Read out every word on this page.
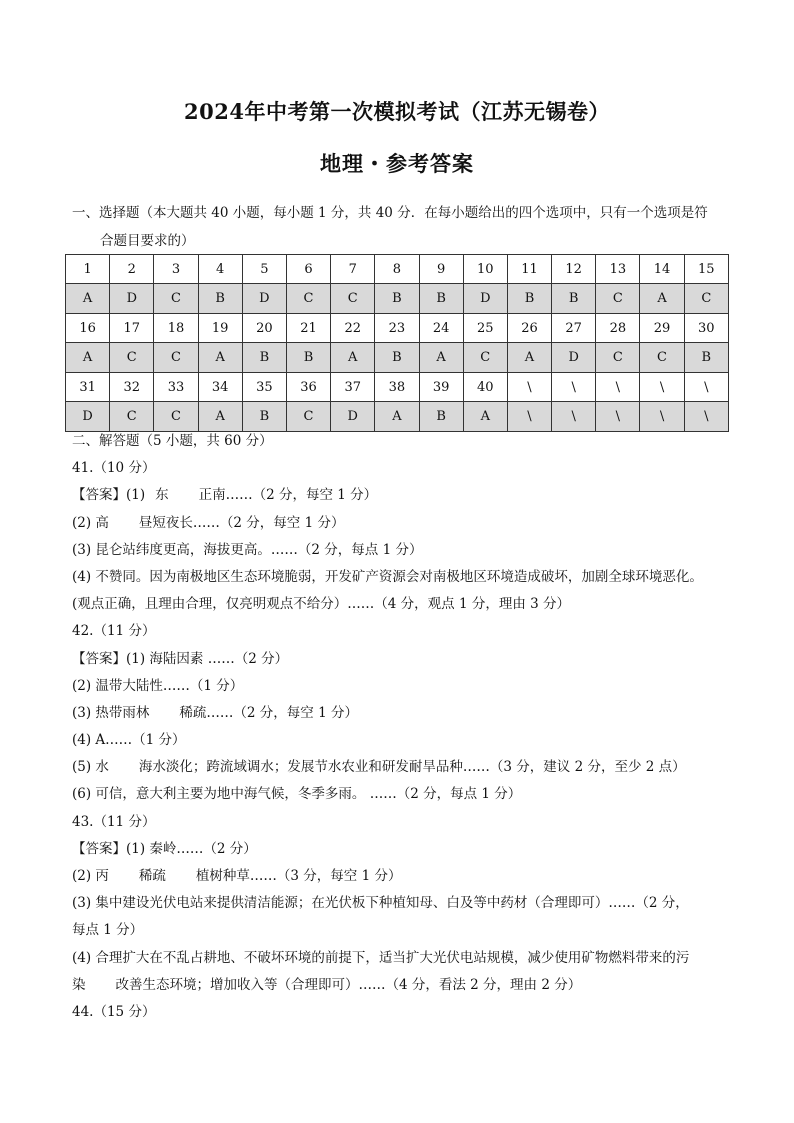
2024年中考第一次模拟考试（江苏无锡卷）
地理・参考答案
一、选择题（本大题共 40 小题，每小题 1 分，共 40 分．在每小题给出的四个选项中，只有一个选项是符
合题目要求的）
1	2	3	4	5	6	7	8	9	10	11	12	13	14	15
A	D	C	B	D	C	C	B	B	D	B	B	C	A	C
16	17	18	19	20	21	22	23	24	25	26	27	28	29	30
A	C	C	A	B	B	A	B	A	C	A	D	C	C	B
31	32	33	34	35	36	37	38	39	40	\	\	\	\	\
D	C	C	A	B	C	D	A	B	A	\	\	\	\	\
二、解答题（5 小题，共 60 分）
41.（10 分）
【答案】(1) 东 正南……（2 分，每空 1 分）
(2) 高 昼短夜长……（2 分，每空 1 分）
(3) 昆仑站纬度更高，海拔更高。……（2 分，每点 1 分）
(4) 不赞同。因为南极地区生态环境脆弱，开发矿产资源会对南极地区环境造成破坏，加剧全球环境恶化。
(观点正确，且理由合理，仅亮明观点不给分）……（4 分，观点 1 分，理由 3 分）
42.（11 分）
【答案】(1) 海陆因素 ……（2 分）
(2) 温带大陆性……（1 分）
(3) 热带雨林 稀疏……（2 分，每空 1 分）
(4) A……（1 分）
(5) 水 海水淡化；跨流域调水；发展节水农业和研发耐旱品种……（3 分，建议 2 分，至少 2 点）
(6) 可信，意大利主要为地中海气候，冬季多雨。 ……（2 分，每点 1 分）
43.（11 分）
【答案】(1) 秦岭……（2 分）
(2) 丙 稀疏 植树种草……（3 分，每空 1 分）
(3) 集中建设光伏电站来提供清洁能源；在光伏板下种植知母、白及等中药材（合理即可）……（2 分，
每点 1 分）
(4) 合理扩大在不乱占耕地、不破坏环境的前提下，适当扩大光伏电站规模，减少使用矿物燃料带来的污
染 改善生态环境；增加收入等（合理即可）……（4 分，看法 2 分，理由 2 分）
44.（15 分）
